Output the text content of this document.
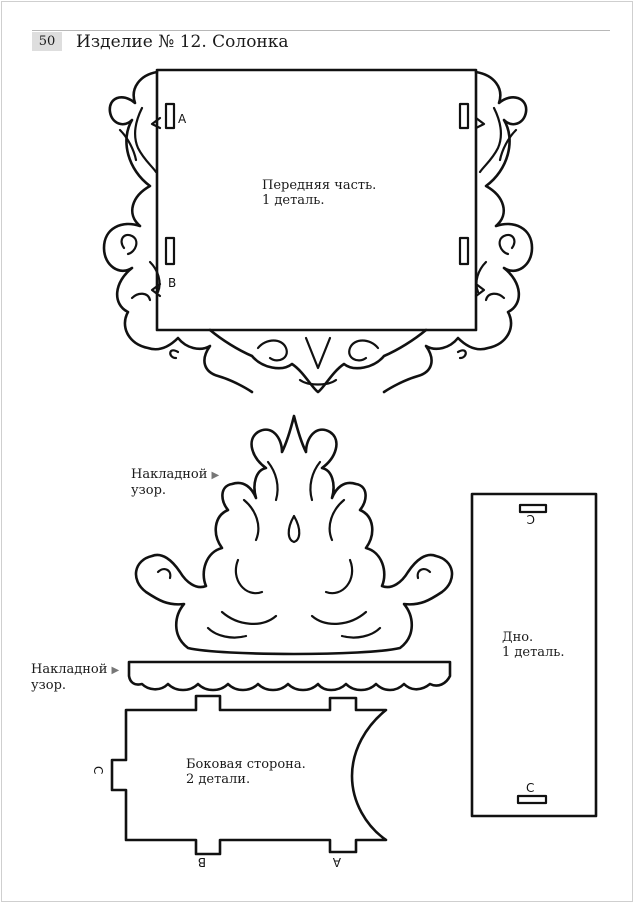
50	Изделие № 12. Солонка
А
В
С
С
С
В	А
Передняя часть.
1 деталь.
Накладной ▶
узор.
Накладной ▶
узор.
Дно.
1 деталь.
Боковая сторона.
2 детали.
